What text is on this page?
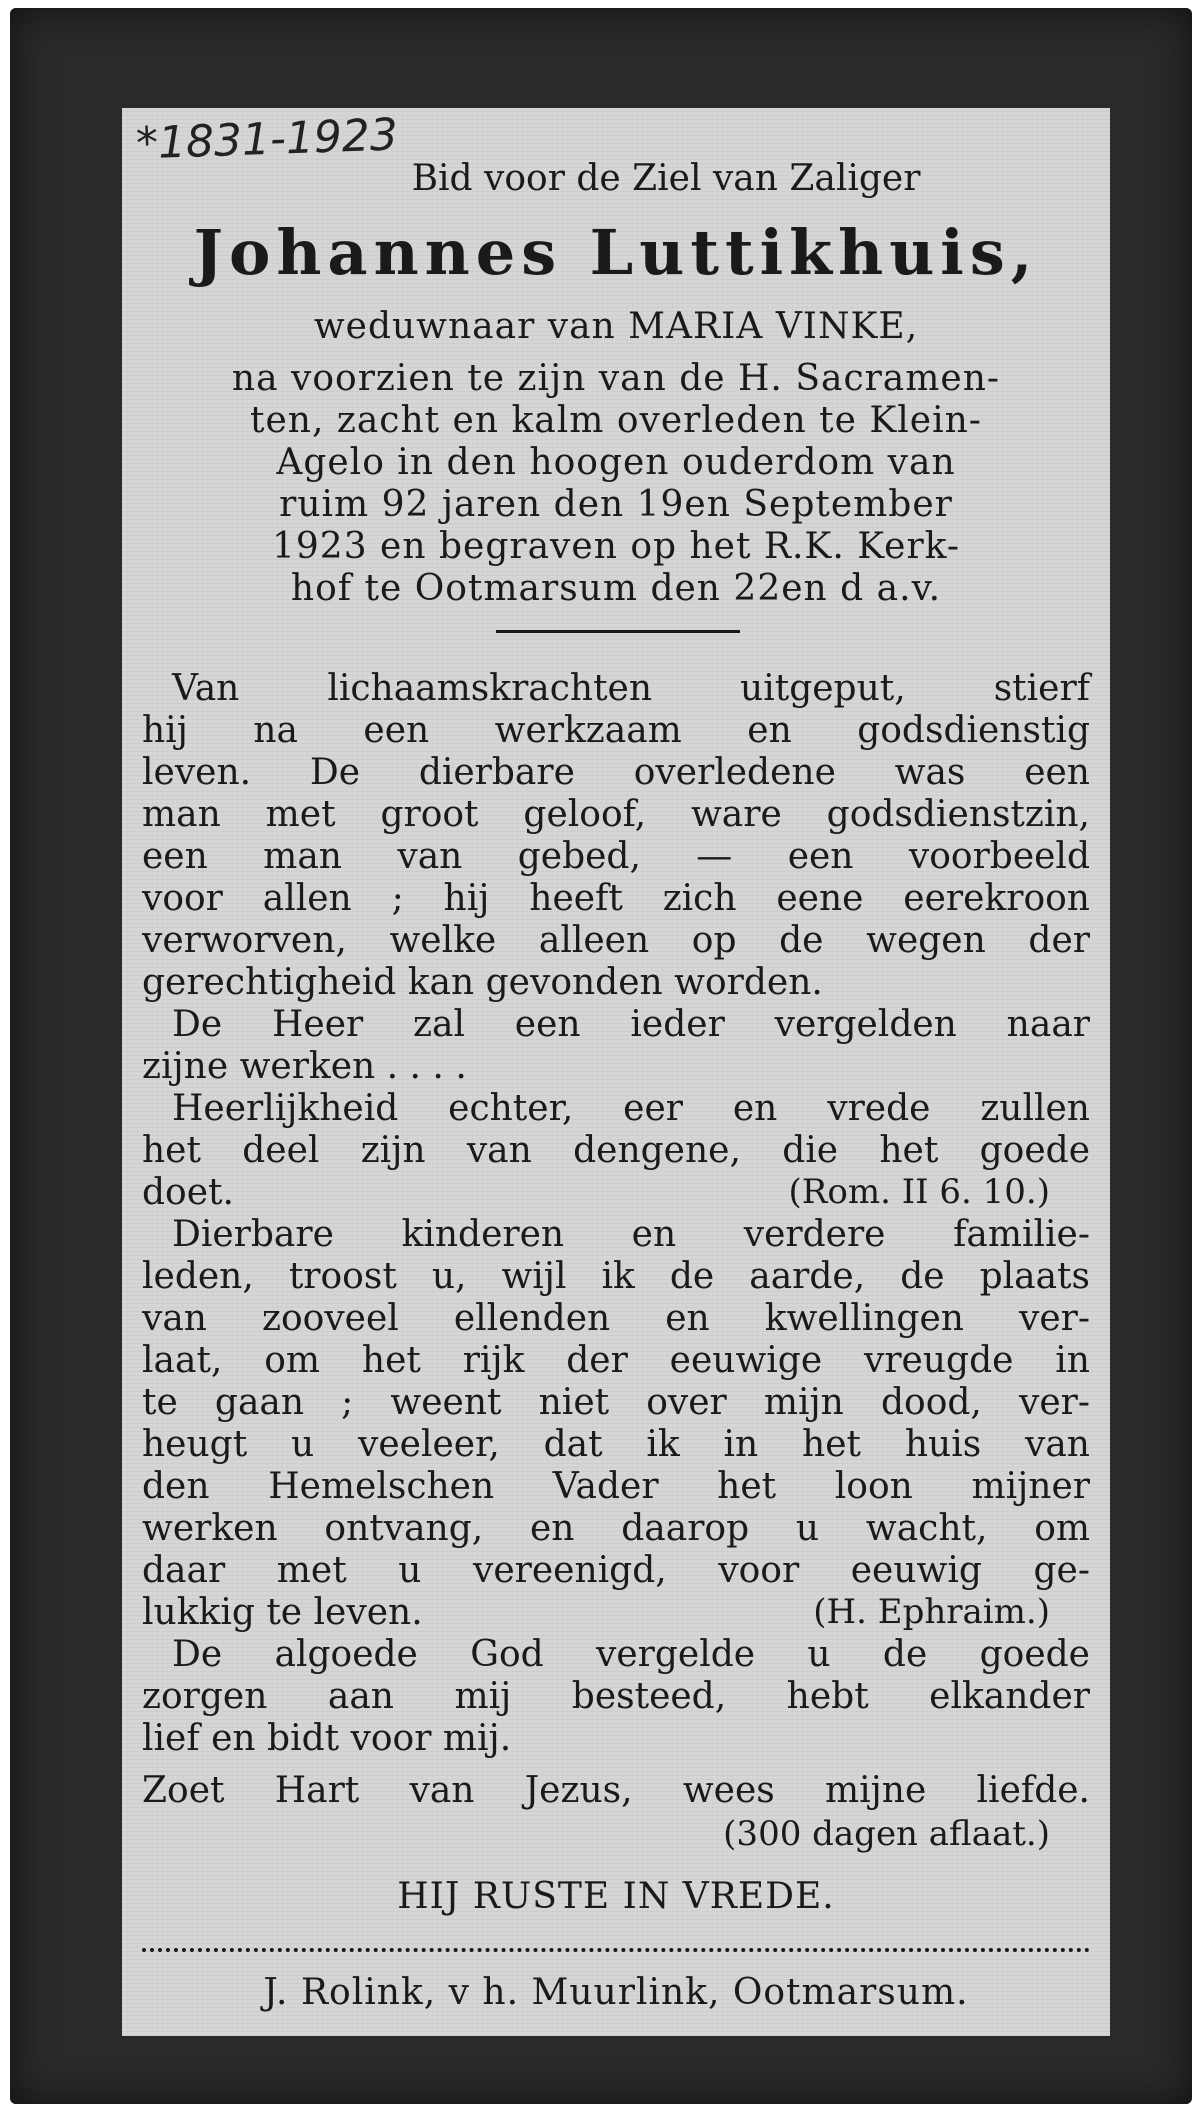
*1831-1923
Bid voor de Ziel van Zaliger
Johannes Luttikhuis,
weduwnaar van MARIA VINKE,
na voorzien te zijn van de H. Sacramen-
ten, zacht en kalm overleden te Klein-
Agelo in den hoogen ouderdom van
ruim 92 jaren den 19en September
1923 en begraven op het R.K. Kerk-
hof te Ootmarsum den 22en d a.v.
Van lichaamskrachten uitgeput, stierf
hij na een werkzaam en godsdienstig
leven. De dierbare overledene was een
man met groot geloof, ware godsdienstzin,
een man van gebed, — een voorbeeld
voor allen ; hij heeft zich eene eerekroon
verworven, welke alleen op de wegen der
gerechtigheid kan gevonden worden.
De Heer zal een ieder vergelden naar
zijne werken . . . .
Heerlijkheid echter, eer en vrede zullen
het deel zijn van dengene, die het goede
doet.	(Rom. II 6. 10.)
Dierbare kinderen en verdere familie-
leden, troost u, wijl ik de aarde, de plaats
van zooveel ellenden en kwellingen ver-
laat, om het rijk der eeuwige vreugde in
te gaan ; weent niet over mijn dood, ver-
heugt u veeleer, dat ik in het huis van
den Hemelschen Vader het loon mijner
werken ontvang, en daarop u wacht, om
daar met u vereenigd, voor eeuwig ge-
lukkig te leven.	(H. Ephraim.)
De algoede God vergelde u de goede
zorgen aan mij besteed, hebt elkander
lief en bidt voor mij.
Zoet Hart van Jezus, wees mijne liefde.
(300 dagen aflaat.)
HIJ RUSTE IN VREDE.
J. Rolink, v h. Muurlink, Ootmarsum.
